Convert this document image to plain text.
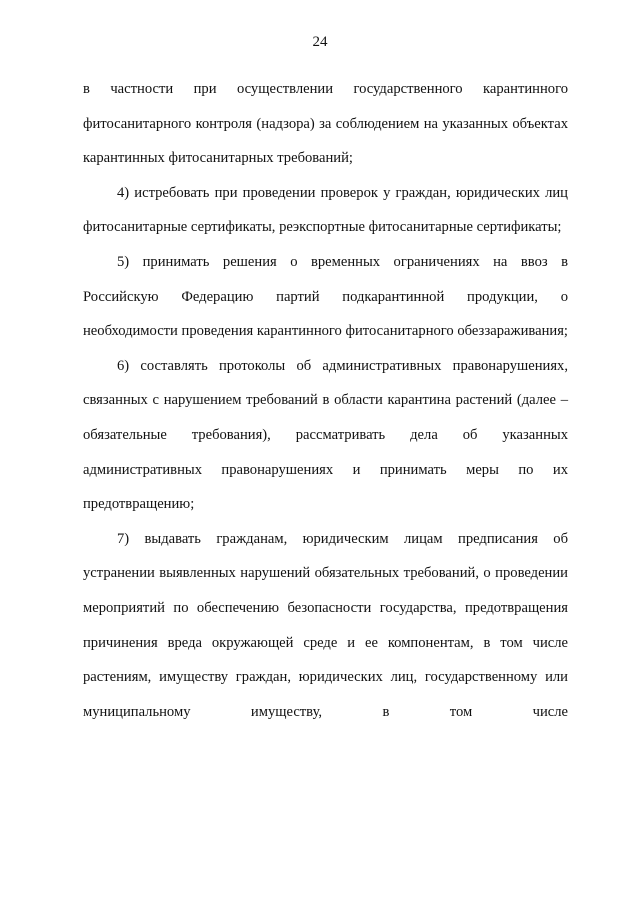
24

в частности при осуществлении государственного карантинного фитосанитарного контроля (надзора) за соблюдением на указанных объектах карантинных фитосанитарных требований;

4) истребовать при проведении проверок у граждан, юридических лиц фитосанитарные сертификаты, реэкспортные фитосанитарные сертификаты;

5) принимать решения о временных ограничениях на ввоз в Российскую Федерацию партий подкарантинной продукции, о необходимости проведения карантинного фитосанитарного обеззараживания;

6) составлять протоколы об административных правонарушениях, связанных с нарушением требований в области карантина растений (далее – обязательные требования), рассматривать дела об указанных административных правонарушениях и принимать меры по их предотвращению;

7) выдавать гражданам, юридическим лицам предписания об устранении выявленных нарушений обязательных требований, о проведении мероприятий по обеспечению безопасности государства, предотвращения причинения вреда окружающей среде и ее компонентам, в том числе растениям, имуществу граждан, юридических лиц, государственному или муниципальному имуществу, в том числе
